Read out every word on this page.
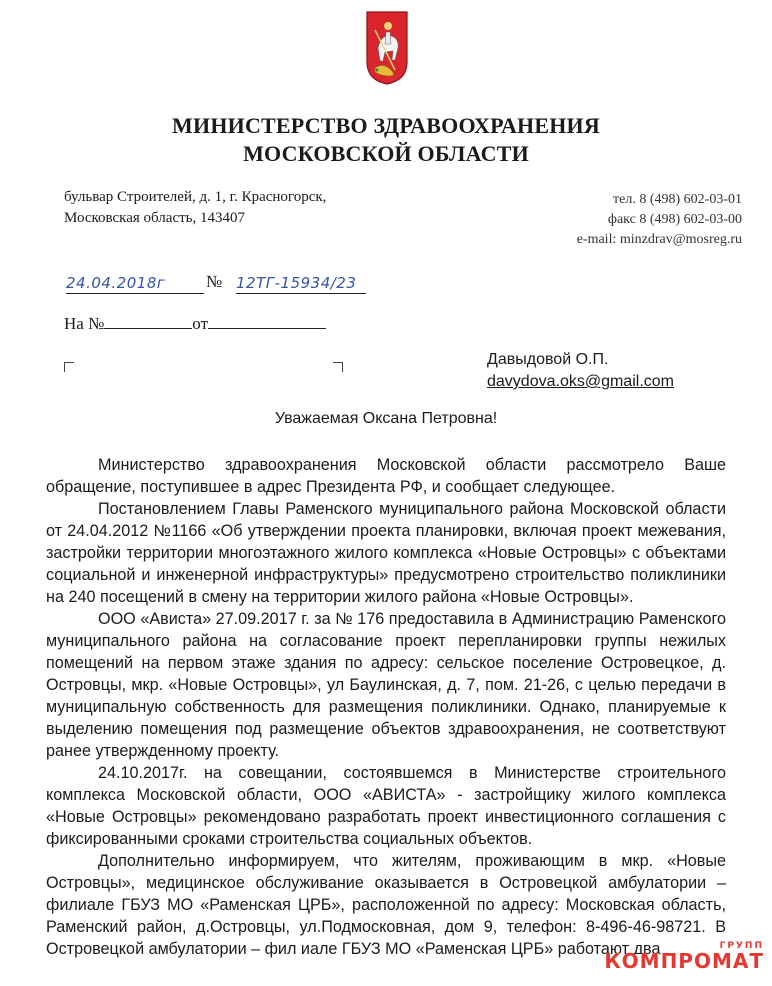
МИНИСТЕРСТВО ЗДРАВООХРАНЕНИЯ
МОСКОВСКОЙ ОБЛАСТИ
бульвар Строителей, д. 1, г. Красногорск,
Московская область, 143407
тел. 8 (498) 602-03-01
факс 8 (498) 602-03-00
e-mail: minzdrav@mosreg.ru
24.04.2018г	№ 12ТГ-15934/23
На №	от
Давыдовой О.П.
davydova.oks@gmail.com
Уважаемая Оксана Петровна!

Министерство здравоохранения Московской области рассмотрело Ваше обращение, поступившее в адрес Президента РФ, и сообщает следующее.

Постановлением Главы Раменского муниципального района Московской области от 24.04.2012 №1166 «Об утверждении проекта планировки, включая проект межевания, застройки территории многоэтажного жилого комплекса «Новые Островцы» с объектами социальной и инженерной инфраструктуры» предусмотрено строительство поликлиники на 240 посещений в смену на территории жилого района «Новые Островцы».

ООО «Ависта» 27.09.2017 г. за № 176 предоставила в Администрацию Раменского муниципального района на согласование проект перепланировки группы нежилых помещений на первом этаже здания по адресу: сельское поселение Островецкое, д. Островцы, мкр. «Новые Островцы», ул Баулинская, д. 7, пом. 21-26, с целью передачи в муниципальную собственность для размещения поликлиники. Однако, планируемые к выделению помещения под размещение объектов здравоохранения, не соответствуют ранее утвержденному проекту.

24.10.2017г. на совещании, состоявшемся в Министерстве строительного комплекса Московской области, ООО «АВИСТА» - застройщику жилого комплекса «Новые Островцы» рекомендовано разработать проект инвестиционного соглашения с фиксированными сроками строительства социальных объектов.

Дополнительно информируем, что жителям, проживающим в мкр. «Новые Островцы», медицинское обслуживание оказывается в Островецкой амбулатории – филиале ГБУЗ МО «Раменская ЦРБ», расположенной по адресу: Московская область, Раменский район, д.Островцы, ул.Подмосковная, дом 9, телефон: 8-496-46-98721. В Островецкой амбулатории – фил иале ГБУЗ МО «Раменская ЦРБ» работают два	ГРУПП
КОМПРОМАТ
